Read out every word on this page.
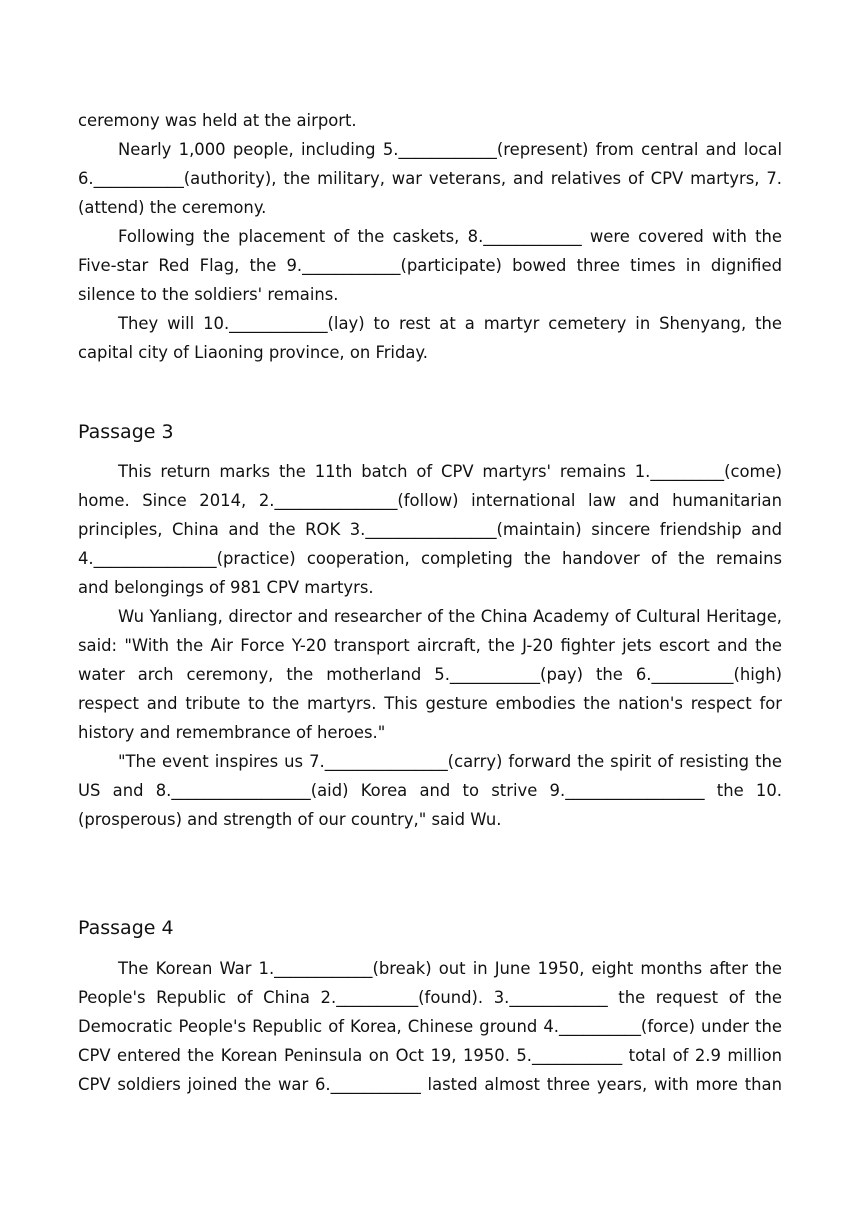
ceremony was held at the airport.
Nearly 1,000 people, including 5.____________(represent) from central and local
6.___________(authority), the military, war veterans, and relatives of CPV martyrs, 7.
(attend) the ceremony.
Following the placement of the caskets, 8.____________ were covered with the
Five-star Red Flag, the 9.____________(participate) bowed three times in dignified
silence to the soldiers' remains.
They will 10.____________(lay) to rest at a martyr cemetery in Shenyang, the
capital city of Liaoning province, on Friday.
Passage 3
This return marks the 11th batch of CPV martyrs' remains 1._________(come)
home. Since 2014, 2._______________(follow) international law and humanitarian
principles, China and the ROK 3.________________(maintain) sincere friendship and
4._______________(practice) cooperation, completing the handover of the remains
and belongings of 981 CPV martyrs.
Wu Yanliang, director and researcher of the China Academy of Cultural Heritage,
said: "With the Air Force Y-20 transport aircraft, the J-20 fighter jets escort and the
water arch ceremony, the motherland 5.___________(pay) the 6.__________(high)
respect and tribute to the martyrs. This gesture embodies the nation's respect for
history and remembrance of heroes."
"The event inspires us 7._______________(carry) forward the spirit of resisting the
US and 8._________________(aid) Korea and to strive 9._________________ the 10.
(prosperous) and strength of our country," said Wu.
Passage 4
The Korean War 1.____________(break) out in June 1950, eight months after the
People's Republic of China 2.__________(found). 3.____________ the request of the
Democratic People's Republic of Korea, Chinese ground 4.__________(force) under the
CPV entered the Korean Peninsula on Oct 19, 1950. 5.___________ total of 2.9 million
CPV soldiers joined the war 6.___________ lasted almost three years, with more than
